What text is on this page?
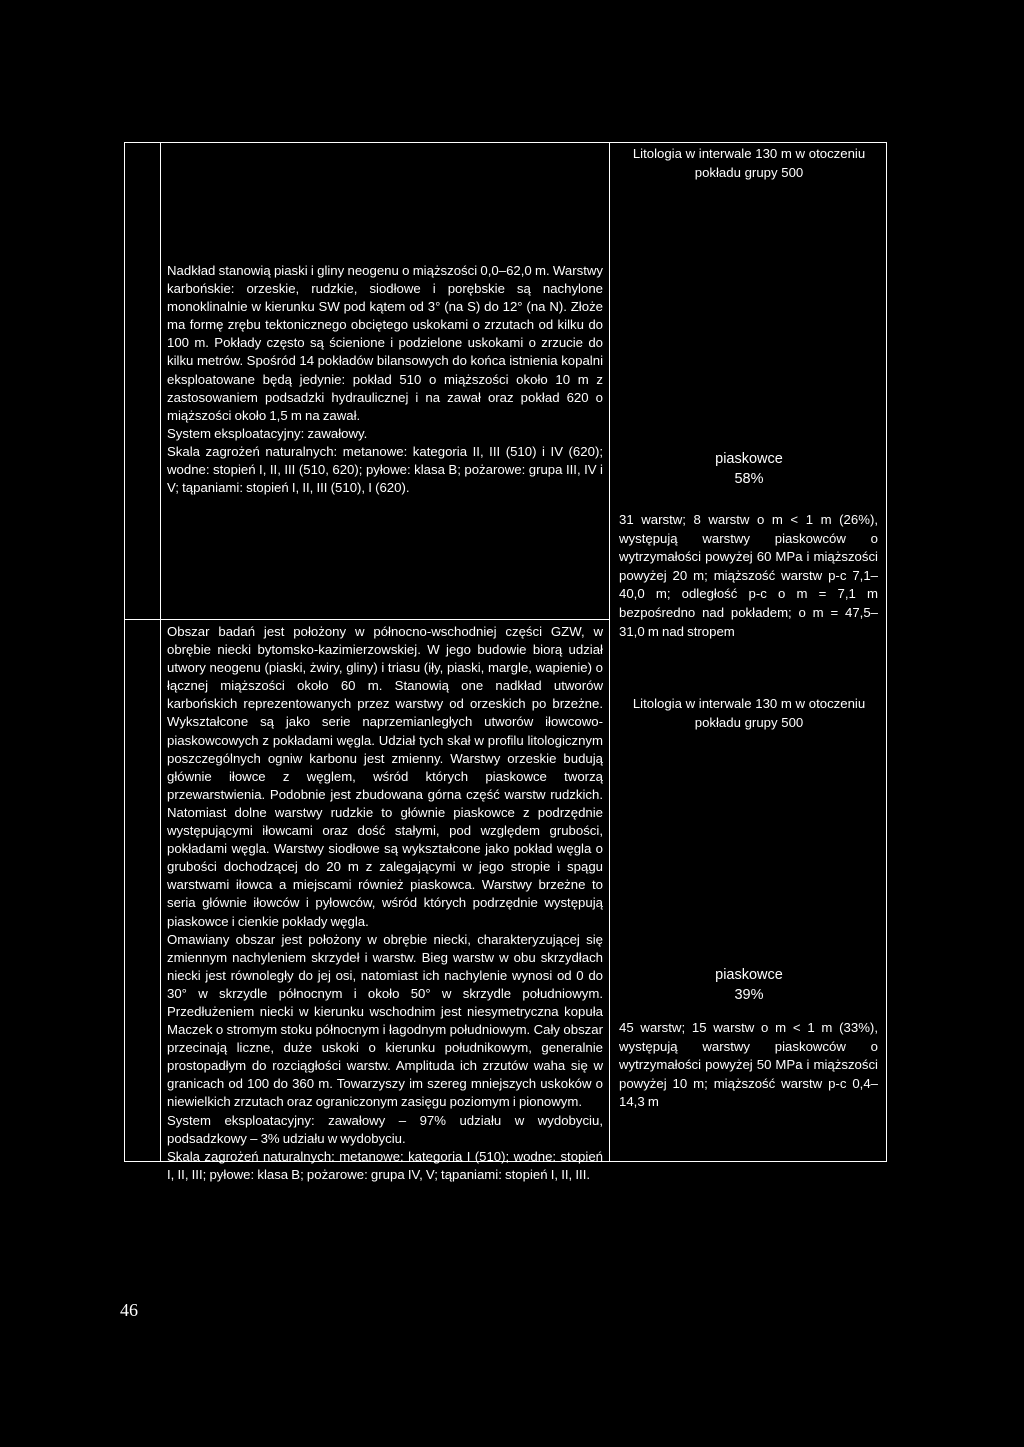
Litologia w interwale 130 m w otoczeniu pokładu grupy 500

Nadkład stanowią piaski i gliny neogenu o miąższości 0,0–62,0 m. Warstwy karbońskie: orzeskie, rudzkie, siodłowe i porębskie są nachylone monoklinalnie w kierunku SW pod kątem od 3° (na S) do 12° (na N). Złoże ma formę zrębu tektonicznego obciętego uskokami o zrzutach od kilku do 100 m. Pokłady często są ścienione i podzielone uskokami o zrzucie do kilku metrów. Spośród 14 pokładów bilansowych do końca istnienia kopalni eksploatowane będą jedynie: pokład 510 o miąższości około 10 m z zastosowaniem podsadzki hydraulicznej i na zawał oraz pokład 620 o miąższości około 1,5 m na zawał.

System eksploatacyjny: zawałowy.

Skala zagrożeń naturalnych: metanowe: kategoria II, III (510) i IV (620); wodne: stopień I, II, III (510, 620); pyłowe: klasa B; pożarowe: grupa III, IV i V; tąpaniami: stopień I, II, III (510), I (620).

piaskowce
58%
31 warstw; 8 warstw o m < 1 m (26%), występują warstwy piaskowców o wytrzymałości powyżej 60 MPa i miąższości powyżej 20 m; miąższość warstw p-c 7,1–40,0 m; odległość p-c o m = 7,1 m bezpośredno nad pokładem; o m = 47,5–31,0 m nad stropem
Litologia w interwale 130 m w otoczeniu pokładu grupy 500

Obszar badań jest położony w północno-wschodniej części GZW, w obrębie niecki bytomsko-kazimierzowskiej. W jego budowie biorą udział utwory neogenu (piaski, żwiry, gliny) i triasu (iły, piaski, margle, wapienie) o łącznej miąższości około 60 m. Stanowią one nadkład utworów karbońskich reprezentowanych przez warstwy od orzeskich po brzeżne. Wykształcone są jako serie naprzemianległych utworów iłowcowo-piaskowcowych z pokładami węgla. Udział tych skał w profilu litologicznym poszczególnych ogniw karbonu jest zmienny. Warstwy orzeskie budują głównie iłowce z węglem, wśród których piaskowce tworzą przewarstwienia. Podobnie jest zbudowana górna część warstw rudzkich. Natomiast dolne warstwy rudzkie to głównie piaskowce z podrzędnie występującymi iłowcami oraz dość stałymi, pod względem grubości, pokładami węgla. Warstwy siodłowe są wykształcone jako pokład węgla o grubości dochodzącej do 20 m z zalegającymi w jego stropie i spągu warstwami iłowca a miejscami również piaskowca. Warstwy brzeżne to seria głównie iłowców i pyłowców, wśród których podrzędnie występują piaskowce i cienkie pokłady węgla.

Omawiany obszar jest położony w obrębie niecki, charakteryzującej się zmiennym nachyleniem skrzydeł i warstw. Bieg warstw w obu skrzydłach niecki jest równoległy do jej osi, natomiast ich nachylenie wynosi od 0 do 30° w skrzydle północnym i około 50° w skrzydle południowym. Przedłużeniem niecki w kierunku wschodnim jest niesymetryczna kopuła Maczek o stromym stoku północnym i łagodnym południowym. Cały obszar przecinają liczne, duże uskoki o kierunku południkowym, generalnie prostopadłym do rozciągłości warstw. Amplituda ich zrzutów waha się w granicach od 100 do 360 m. Towarzyszy im szereg mniejszych uskoków o niewielkich zrzutach oraz ograniczonym zasięgu poziomym i pionowym.

System eksploatacyjny: zawałowy – 97% udziału w wydobyciu, podsadzkowy – 3% udziału w wydobyciu.

Skala zagrożeń naturalnych: metanowe: kategoria I (510); wodne: stopień I, II, III; pyłowe: klasa B; pożarowe: grupa IV, V; tąpaniami: stopień I, II, III.

piaskowce
39%
45 warstw; 15 warstw o m < 1 m (33%), występują warstwy piaskowców o wytrzymałości powyżej 50 MPa i miąższości powyżej 10 m; miąższość warstw p-c 0,4–14,3 m
46
